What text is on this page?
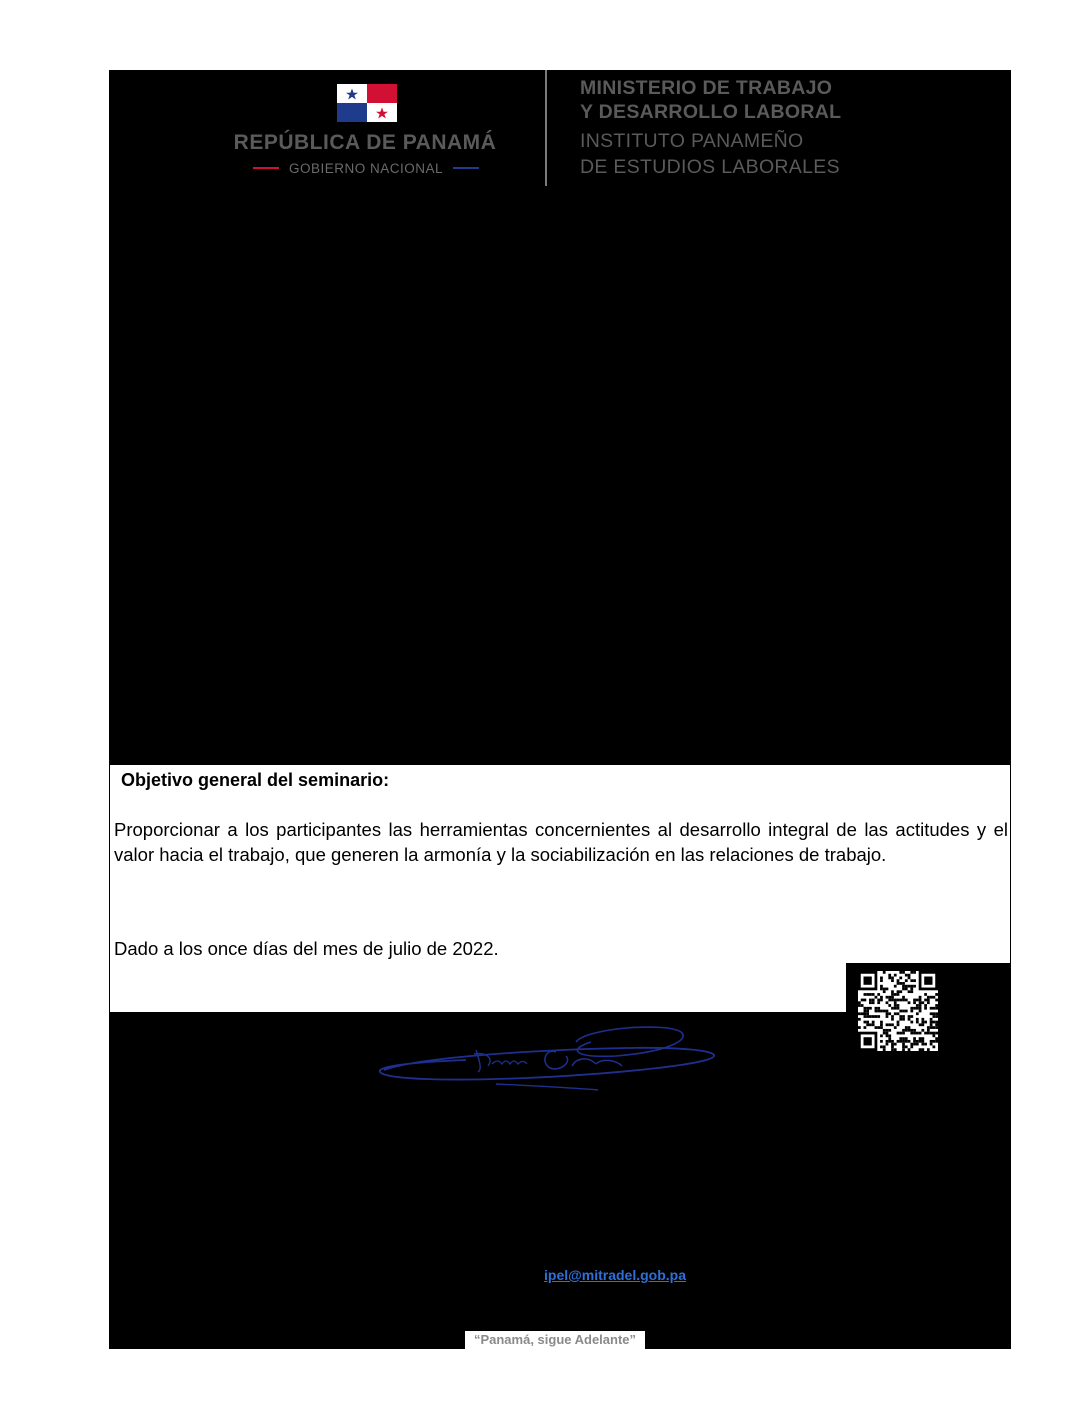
REPÚBLICA DE PANAMÁ
GOBIERNO NACIONAL
MINISTERIO DE TRABAJO
Y DESARROLLO LABORAL
INSTITUTO PANAMEÑO
DE ESTUDIOS LABORALES
Objetivo general del seminario:
Proporcionar a los participantes las herramientas concernientes al desarrollo integral de las actitudes y el valor hacia el trabajo, que generen la armonía y la sociabilización en las relaciones de trabajo.
Dado a los once días del mes de julio de 2022.
ipel@mitradel.gob.pa
“Panamá, sigue Adelante”
